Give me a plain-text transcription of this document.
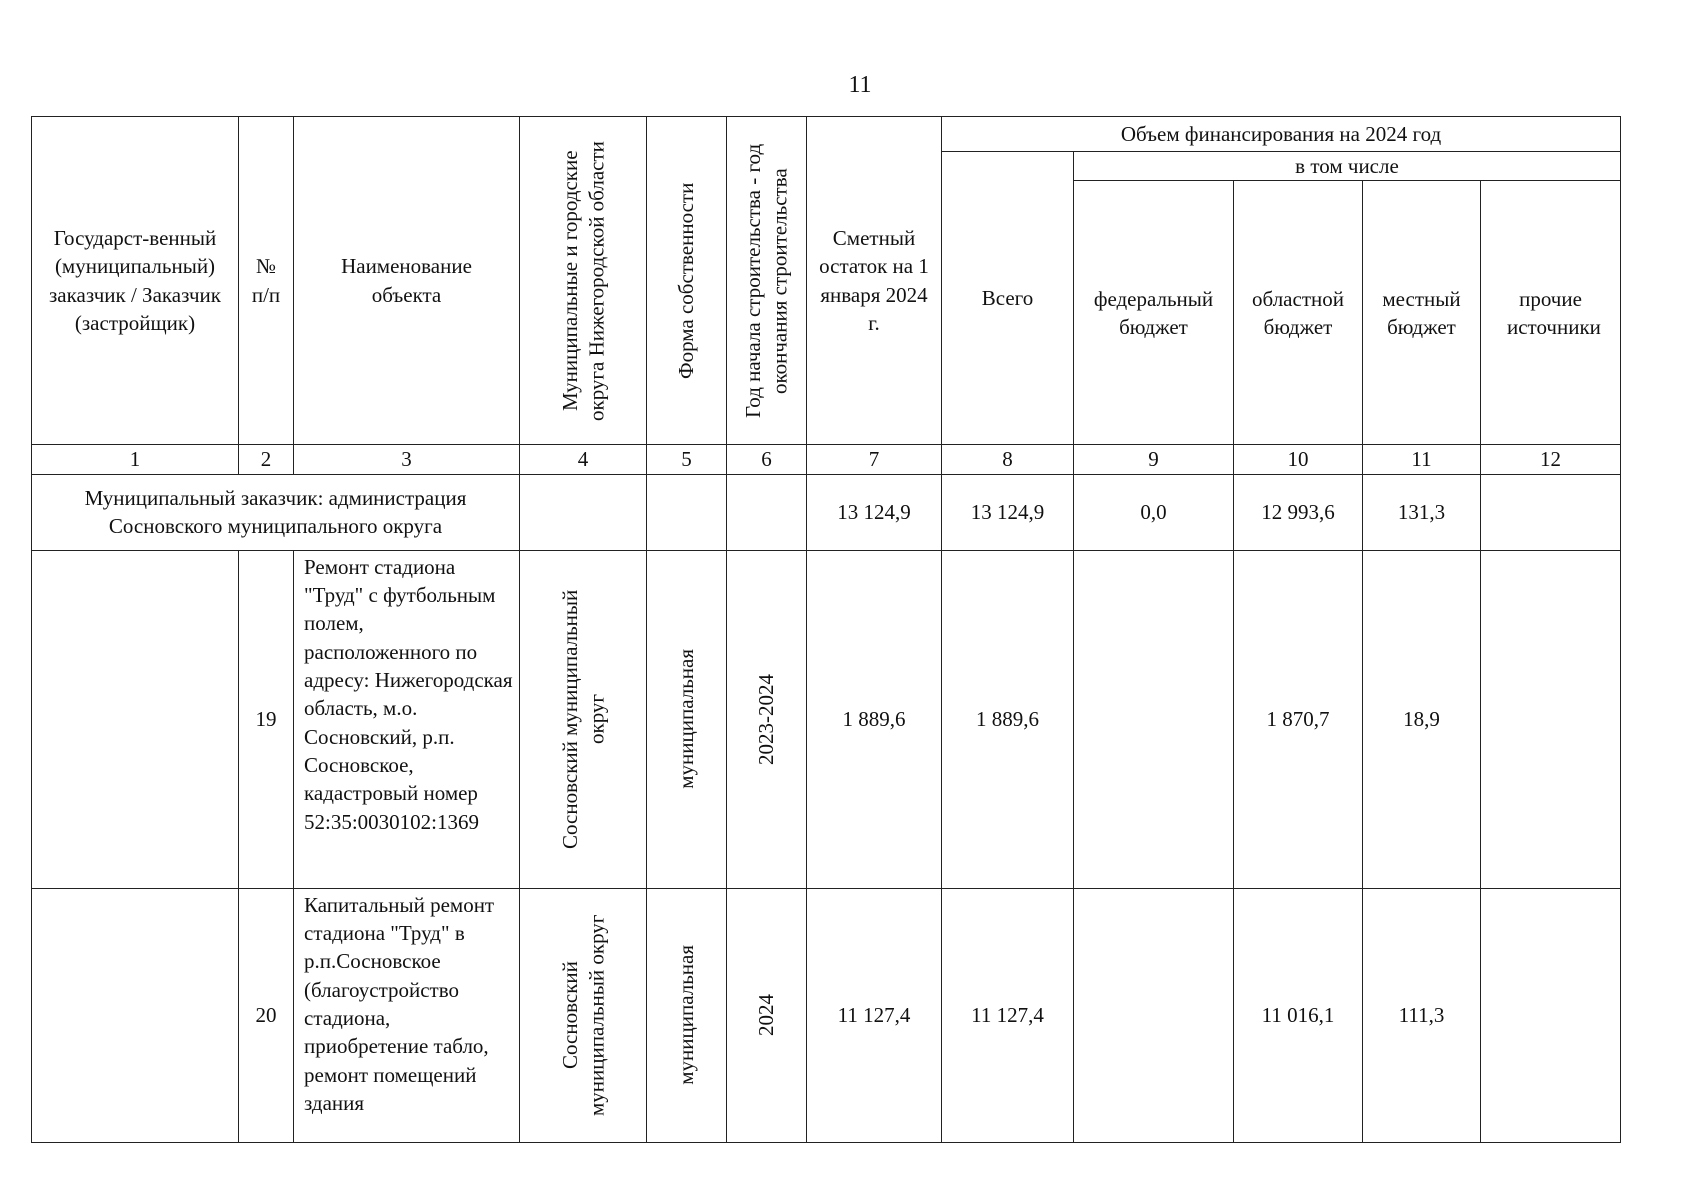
11
Государст-венный (муниципальный) заказчик / Заказчик (застройщик)	№ п/п	Наименование объекта	Муниципальные и городские округа Нижегородской области	Форма собственности	Год начала строительства - год окончания строительства	Сметный остаток на 1 января 2024 г.	Объем финансирования на 2024 год				
							Всего	в том числе			
								федеральный бюджет	областной бюджет	местный бюджет	прочие источники
1	2	3	4	5	6	7	8	9	10	11	12
Муниципальный заказчик: администрация Сосновского муниципального округа						13 124,9	13 124,9	0,0	12 993,6	131,3	
	19	Ремонт стадиона "Труд" с футбольным полем, расположенного по адресу: Нижегородская область, м.о. Сосновский, р.п. Сосновское, кадастровый номер 52:35:0030102:1369	Сосновский муниципальный округ	муниципальная	2023-2024	1 889,6	1 889,6		1 870,7	18,9	
	20	Капитальный ремонт стадиона "Труд" в р.п.Сосновское (благоустройство стадиона, приобретение табло, ремонт помещений здания	Сосновский муниципальный округ	муниципальная	2024	11 127,4	11 127,4		11 016,1	111,3	
